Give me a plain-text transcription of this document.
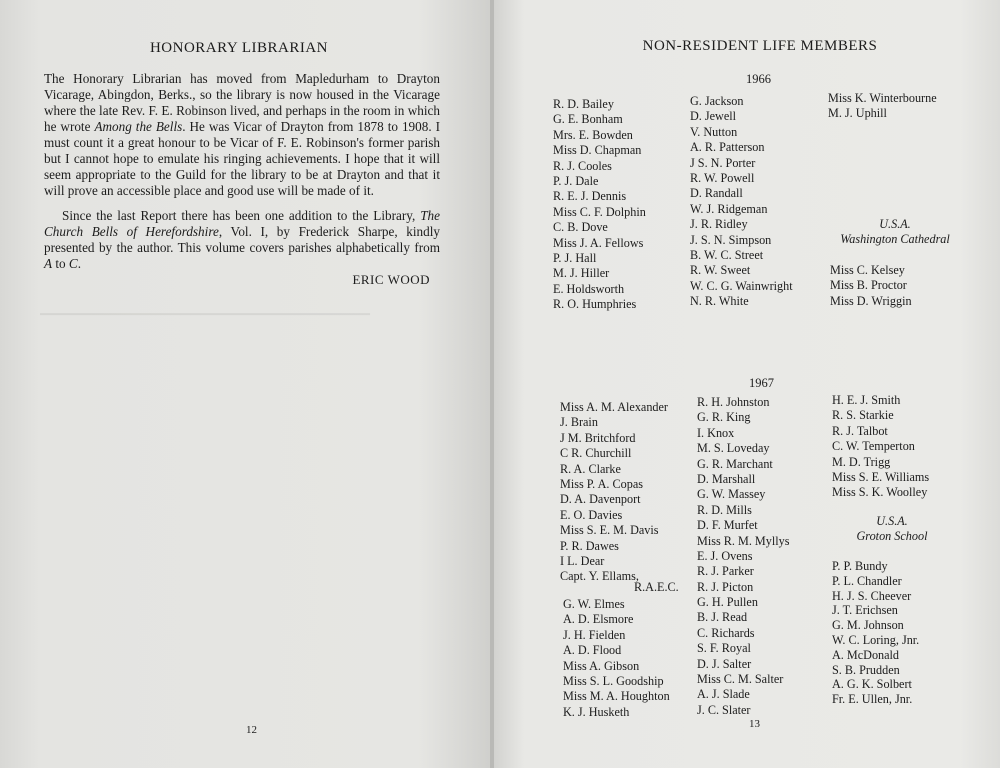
▁▁▁▁▁▁▁▁▁▁▁▁▁▁▁▁▁▁▁▁▁▁▁▁▁▁▁▁▁▁▁▁▁

HONORARY LIBRARIAN

The Honorary Librarian has moved from Mapledurham to Drayton Vicarage, Abingdon, Berks., so the library is now housed in the Vicarage where the late Rev. F. E. Robinson lived, and perhaps in the room in which he wrote Among the Bells. He was Vicar of Drayton from 1878 to 1908. I must count it a great honour to be Vicar of F. E. Robinson's former parish but I cannot hope to emulate his ringing achievements. I hope that it will seem appropriate to the Guild for the library to be at Drayton and that it will prove an accessible place and good use will be made of it.

Since the last Report there has been one addition to the Library, The Church Bells of Herefordshire, Vol. I, by Frederick Sharpe, kindly presented by the author. This volume covers parishes alphabetically from A to C.

ERIC WOOD
12
NON-RESIDENT LIFE MEMBERS
1966
R. D. Bailey
G. E. Bonham
Mrs. E. Bowden
Miss D. Chapman
R. J. Cooles
P. J. Dale
R. E. J. Dennis
Miss C. F. Dolphin
C. B. Dove
Miss J. A. Fellows
P. J. Hall
M. J. Hiller
E. Holdsworth
R. O. Humphries
G. Jackson
D. Jewell
V. Nutton
A. R. Patterson
J S. N. Porter
R. W. Powell
D. Randall
W. J. Ridgeman
J. R. Ridley
J. S. N. Simpson
B. W. C. Street
R. W. Sweet
W. C. G. Wainwright
N. R. White
Miss K. Winterbourne
M. J. Uphill
U.S.A.
Washington Cathedral
Miss C. Kelsey
Miss B. Proctor
Miss D. Wriggin
1967
Miss A. M. Alexander
J. Brain
J M. Britchford
C R. Churchill
R. A. Clarke
Miss P. A. Copas
D. A. Davenport
E. O. Davies
Miss S. E. M. Davis
P. R. Dawes
I L. Dear
Capt. Y. Ellams,
R.A.E.C.
G. W. Elmes
A. D. Elsmore
J. H. Fielden
A. D. Flood
Miss A. Gibson
Miss S. L. Goodship
Miss M. A. Houghton
K. J. Husketh
R. H. Johnston
G. R. King
I. Knox
M. S. Loveday
G. R. Marchant
D. Marshall
G. W. Massey
R. D. Mills
D. F. Murfet
Miss R. M. Myllys
E. J. Ovens
R. J. Parker
R. J. Picton
G. H. Pullen
B. J. Read
C. Richards
S. F. Royal
D. J. Salter
Miss C. M. Salter
A. J. Slade
J. C. Slater
H. E. J. Smith
R. S. Starkie
R. J. Talbot
C. W. Temperton
M. D. Trigg
Miss S. E. Williams
Miss S. K. Woolley
U.S.A.
Groton School
P. P. Bundy
P. L. Chandler
H. J. S. Cheever
J. T. Erichsen
G. M. Johnson
W. C. Loring, Jnr.
A. McDonald
S. B. Prudden
A. G. K. Solbert
Fr. E. Ullen, Jnr.
13
